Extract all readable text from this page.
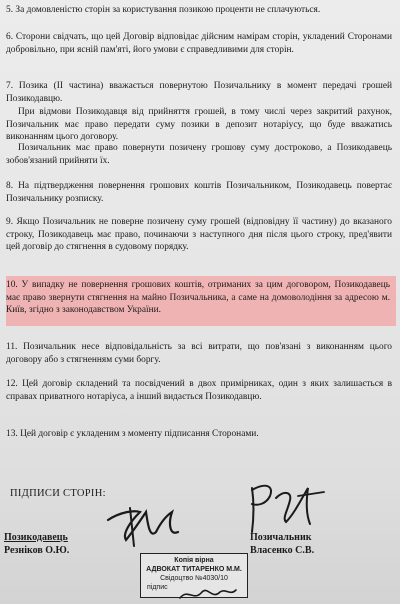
5. За домовленістю сторін за користування позикою проценти не сплачуються.

6. Сторони свідчать, що цей Договір відповідає дійсним намірам сторін, укладений Сторонами добровільно, при ясній пам'яті, його умови є справедливими для сторін.

7. Позика (ІІ частина) вважається повернутою Позичальнику в момент передачі грошей Позикодавцю.

При відмови Позикодавця від прийняття грошей, в тому числі через закритий рахунок, Позичальник має право передати суму позики в депозит нотаріусу, що буде вважатись виконанням цього договору.

Позичальник має право повернути позичену грошову суму достроково, а Позикодавець зобов'язаний прийняти їх.

8. На підтвердження повернення грошових коштів Позичальником, Позикодавець повертає Позичальнику розписку.

9. Якщо Позичальник не поверне позичену суму грошей (відповідну її частину) до вказаного строку, Позикодавець має право, починаючи з наступного дня після цього строку, пред'явити цей договір до стягнення в судовому порядку.

10. У випадку не повернення грошових коштів, отриманих за цим договором, Позикодавець має право звернути стягнення на майно Позичальника, а саме на домоволодіння за адресою м. Київ, згідно з законодавством України.

11. Позичальник несе відповідальність за всі витрати, що пов'язані з виконанням цього договору або з стягненням суми боргу.

12. Цей договір складений та посвідчений в двох примірниках, один з яких залишається в справах приватного нотаріуса, а інший видається Позикодавцю.

13. Цей договір є укладеним з моменту підписання Сторонами.

ПІДПИСИ СТОРІН:

Позикодавець
Резніков О.Ю.
Позичальник
Власенко С.В.
Копія вірна
АДВОКАТ ТИТАРЕНКО М.М.
Свідоцтво №4030/10
підпис
